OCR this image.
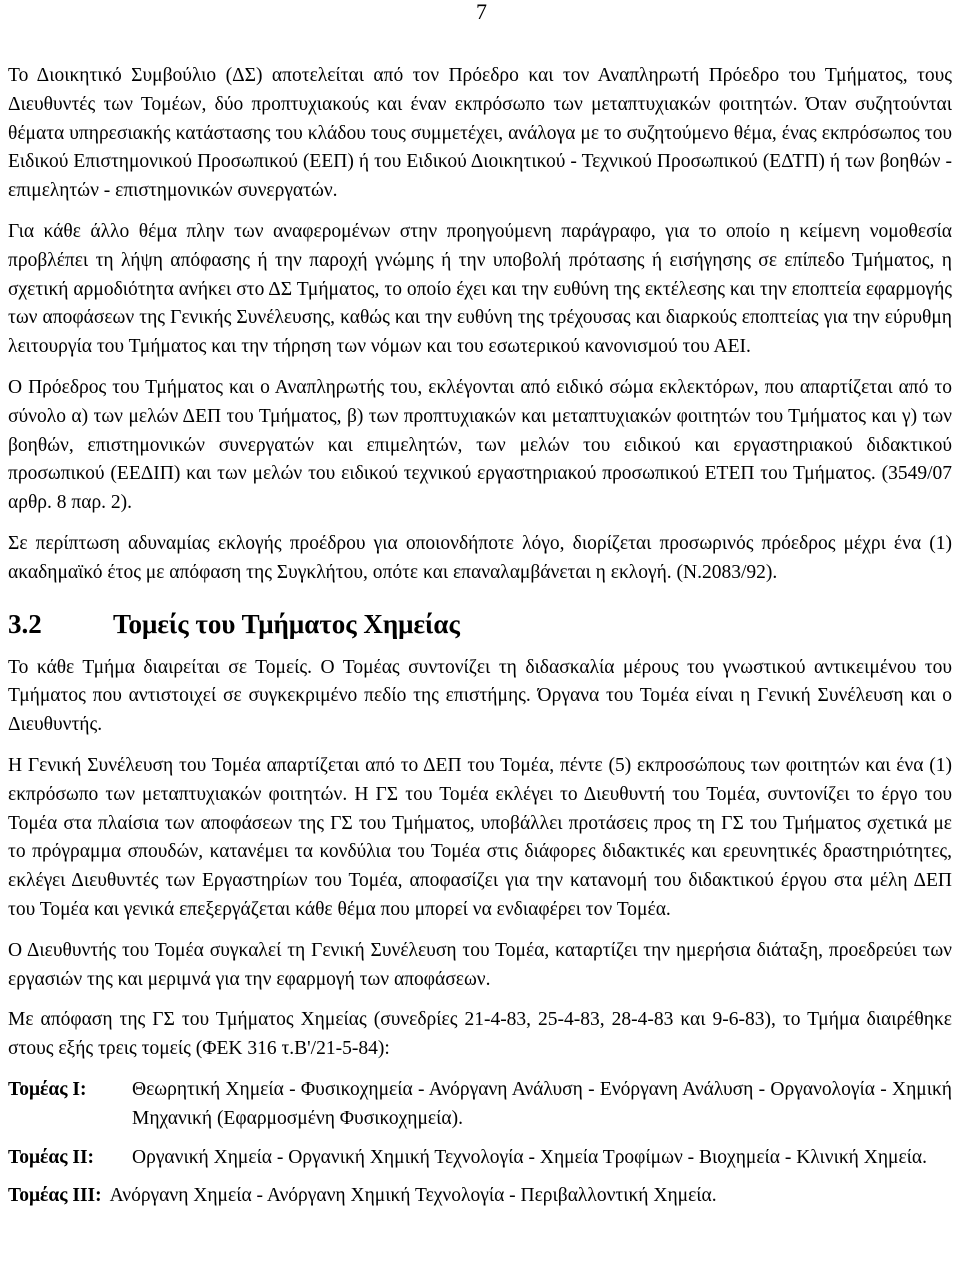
7

Το Διοικητικό Συμβούλιο (ΔΣ) αποτελείται από τον Πρόεδρο και τον Αναπληρωτή Πρόεδρο του Τμήματος, τους Διευθυντές των Τομέων, δύο προπτυχιακούς και έναν εκπρόσωπο των μεταπτυχιακών φοιτητών. Όταν συζητούνται θέματα υπηρεσιακής κατάστασης του κλάδου τους συμμετέχει, ανάλογα με το συζητούμενο θέμα, ένας εκπρόσωπος του Ειδικού Επιστημονικού Προσωπικού (ΕΕΠ) ή του Ειδικού Διοικητικού - Τεχνικού Προσωπικού (ΕΔΤΠ) ή των βοηθών - επιμελητών - επιστημονικών συνεργατών.

Για κάθε άλλο θέμα πλην των αναφερομένων στην προηγούμενη παράγραφο, για το οποίο η κείμενη νομοθεσία προβλέπει τη λήψη απόφασης ή την παροχή γνώμης ή την υποβολή πρότασης ή εισήγησης σε επίπεδο Τμήματος, η σχετική αρμοδιότητα ανήκει στο ΔΣ Τμήματος, το οποίο έχει και την ευθύνη της εκτέλεσης και την εποπτεία εφαρμογής των αποφάσεων της Γενικής Συνέλευσης, καθώς και την ευθύνη της τρέχουσας και διαρκούς εποπτείας για την εύρυθμη λειτουργία του Τμήματος και την τήρηση των νόμων και του εσωτερικού κανονισμού του ΑΕΙ.

Ο Πρόεδρος του Τμήματος και ο Αναπληρωτής του, εκλέγονται από ειδικό σώμα εκλεκτόρων, που απαρτίζεται από το σύνολο α) των μελών ΔΕΠ του Τμήματος, β) των προπτυχιακών και μεταπτυχιακών φοιτητών του Τμήματος και γ) των βοηθών, επιστημονικών συνεργατών και επιμελητών, των μελών του ειδικού και εργαστηριακού διδακτικού προσωπικού (ΕΕΔΙΠ) και των μελών του ειδικού τεχνικού εργαστηριακού προσωπικού ΕΤΕΠ του Τμήματος. (3549/07 αρθρ. 8 παρ. 2).

Σε περίπτωση αδυναμίας εκλογής προέδρου για οποιονδήποτε λόγο, διορίζεται προσωρινός πρόεδρος μέχρι ένα (1) ακαδημαϊκό έτος με απόφαση της Συγκλήτου, οπότε και επαναλαμβάνεται η εκλογή. (Ν.2083/92).

3.2	Τομείς του Τμήματος Χημείας

Το κάθε Τμήμα διαιρείται σε Τομείς. Ο Τομέας συντονίζει τη διδασκαλία μέρους του γνωστικού αντικειμένου του Τμήματος που αντιστοιχεί σε συγκεκριμένο πεδίο της επιστήμης. Όργανα του Τομέα είναι η Γενική Συνέλευση και ο Διευθυντής.

Η Γενική Συνέλευση του Τομέα απαρτίζεται από το ΔΕΠ του Τομέα, πέντε (5) εκπροσώπους των φοιτητών και ένα (1) εκπρόσωπο των μεταπτυχιακών φοιτητών. Η ΓΣ του Τομέα εκλέγει το Διευθυντή του Τομέα, συντονίζει το έργο του Τομέα στα πλαίσια των αποφάσεων της ΓΣ του Τμήματος, υποβάλλει προτάσεις προς τη ΓΣ του Τμήματος σχετικά με το πρόγραμμα σπουδών, κατανέμει τα κονδύλια του Τομέα στις διάφορες διδακτικές και ερευνητικές δραστηριότητες, εκλέγει Διευθυντές των Εργαστηρίων του Τομέα, αποφασίζει για την κατανομή του διδακτικού έργου στα μέλη ΔΕΠ του Τομέα και γενικά επεξεργάζεται κάθε θέμα που μπορεί να ενδιαφέρει τον Τομέα.

Ο Διευθυντής του Τομέα συγκαλεί τη Γενική Συνέλευση του Τομέα, καταρτίζει την ημερήσια διάταξη, προεδρεύει των εργασιών της και μεριμνά για την εφαρμογή των αποφάσεων.

Με απόφαση της ΓΣ του Τμήματος Χημείας (συνεδρίες 21-4-83, 25-4-83, 28-4-83 και 9-6-83), το Τμήμα διαιρέθηκε στους εξής τρεις τομείς (ΦΕΚ 316 τ.Β'/21-5-84):

Τομέας Ι:	Θεωρητική Χημεία - Φυσικοχημεία - Ανόργανη Ανάλυση - Ενόργανη Ανάλυση - Οργανολογία - Χημική Μηχανική (Εφαρμοσμένη Φυσικοχημεία).
Τομέας ΙΙ:	Οργανική Χημεία - Οργανική Χημική Τεχνολογία - Χημεία Τροφίμων - Βιοχημεία - Κλινική Χημεία.
Τομέας ΙΙΙ: Ανόργανη Χημεία - Ανόργανη Χημική Τεχνολογία - Περιβαλλοντική Χημεία.
